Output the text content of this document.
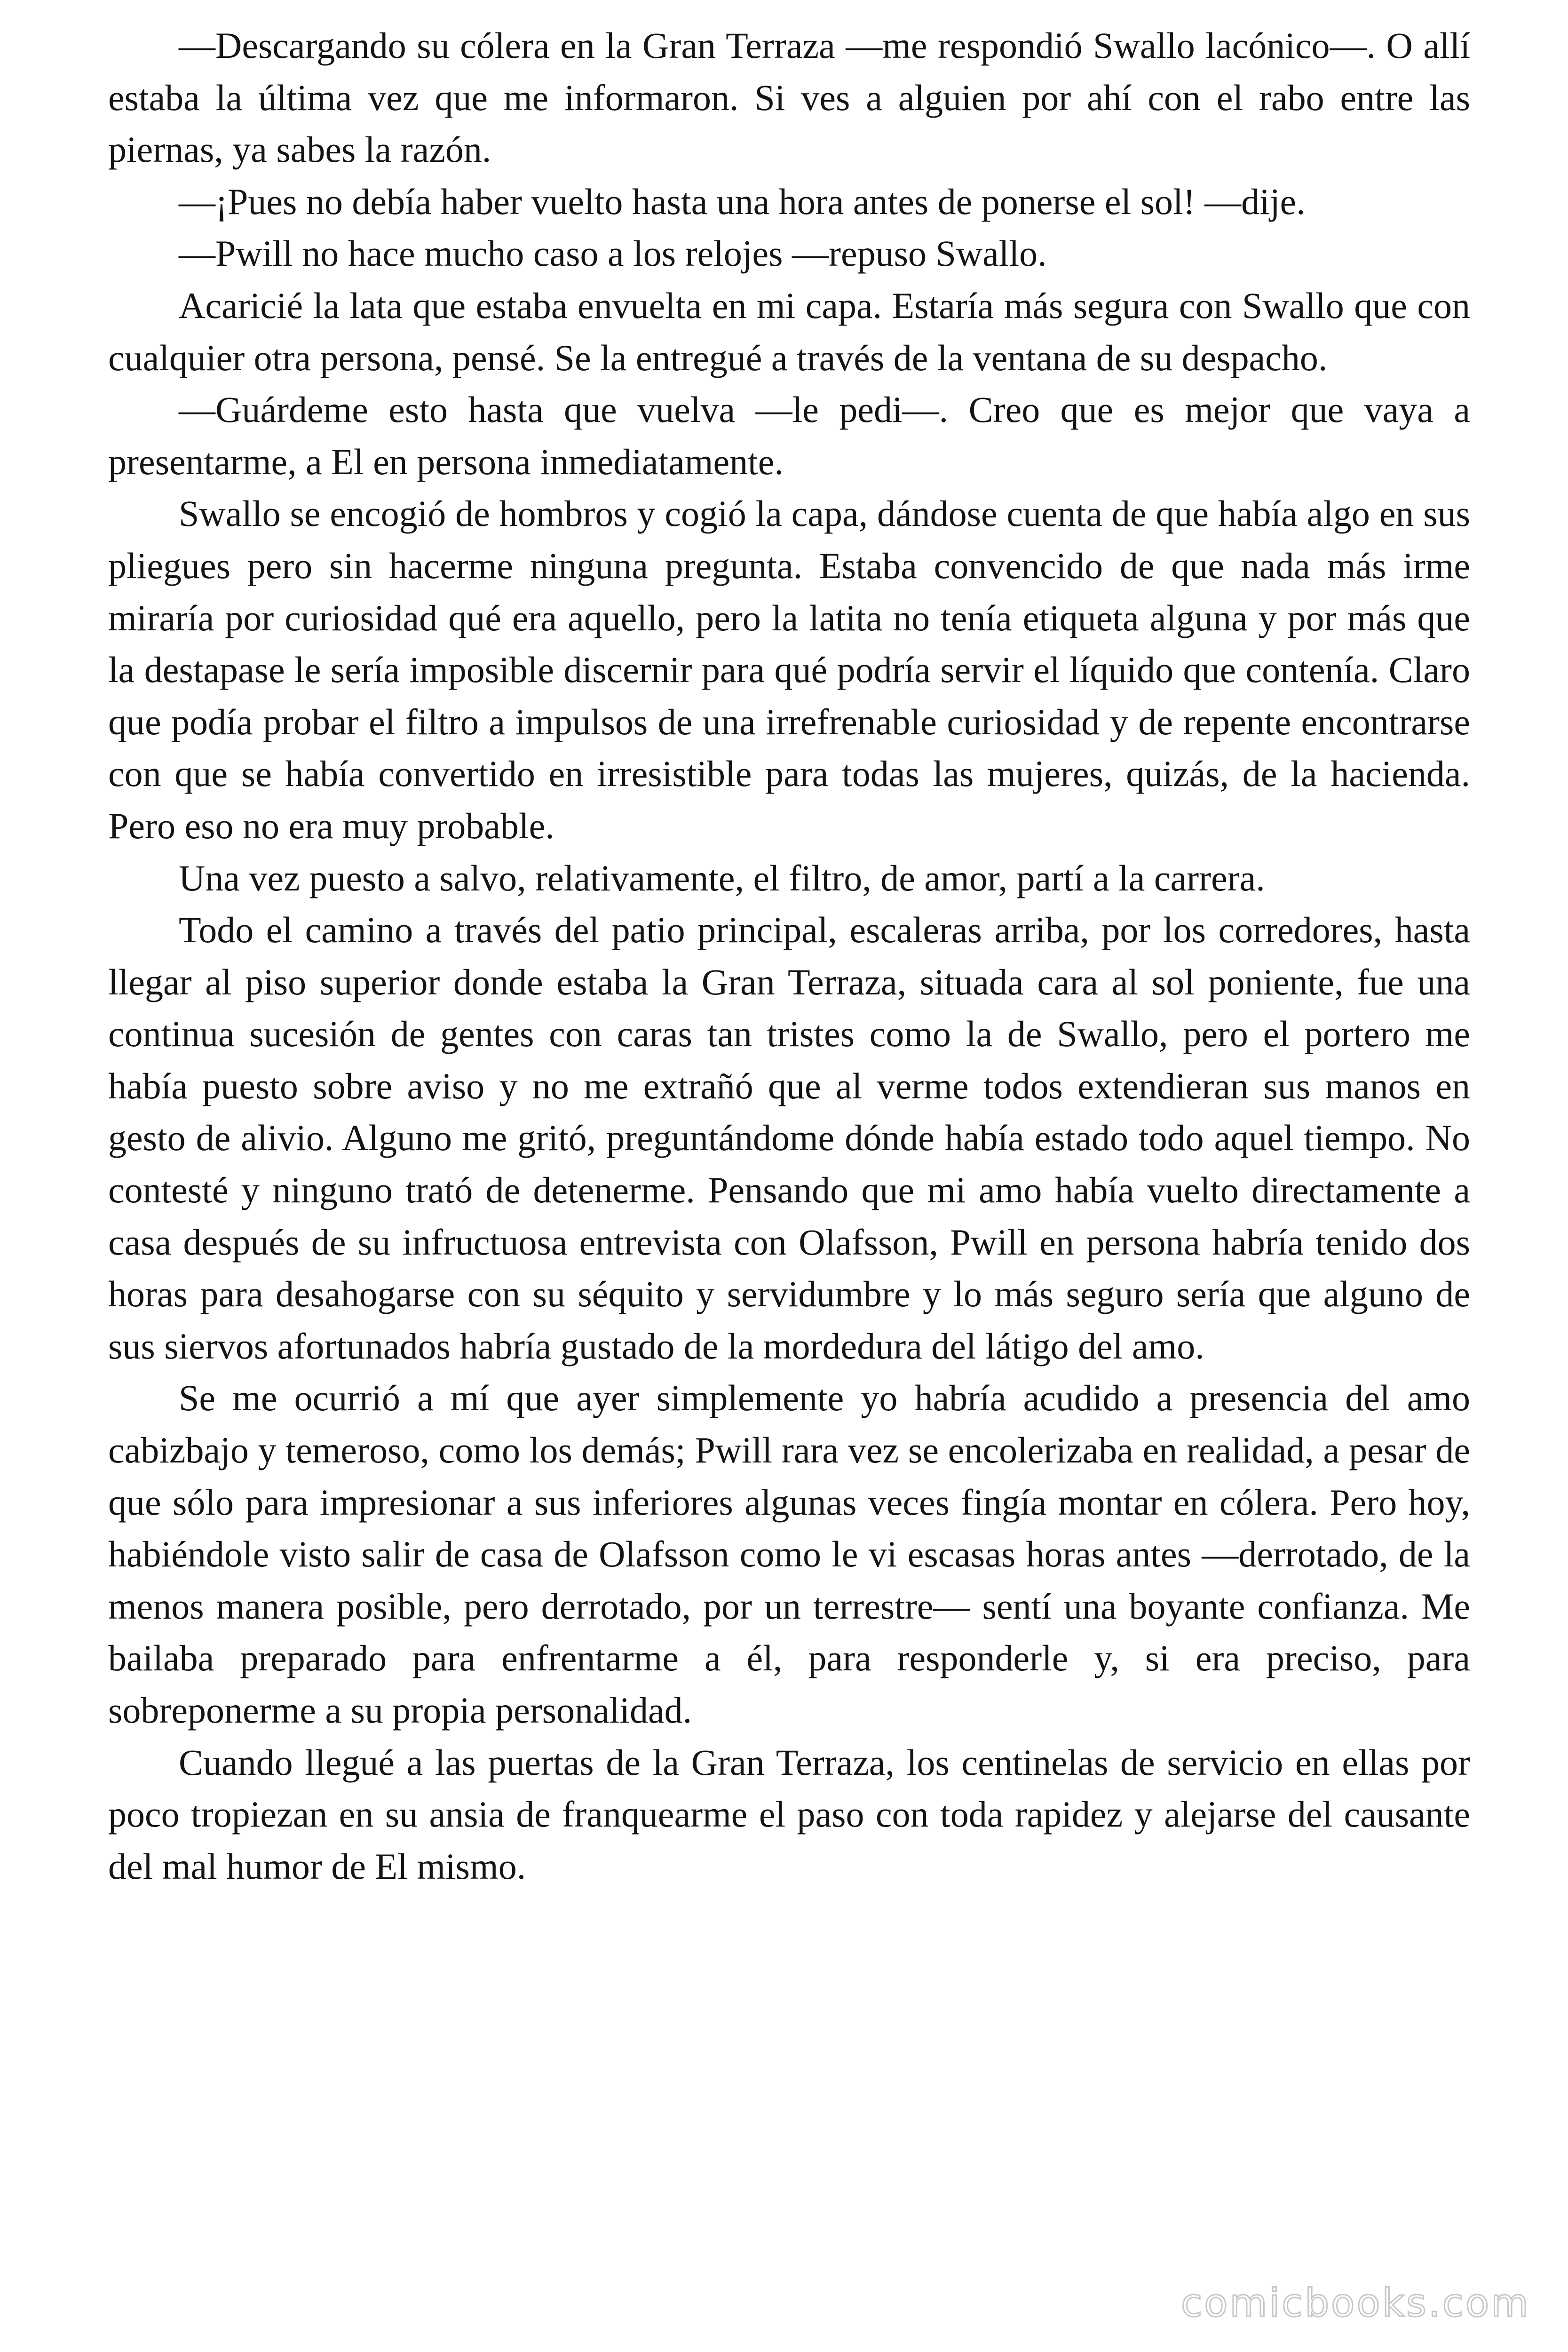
—Descargando su cólera en la Gran Terraza —me respondió Swallo lacónico—. O allí estaba la última vez que me informaron. Si ves a alguien por ahí con el rabo entre las piernas, ya sabes la razón.

—¡Pues no debía haber vuelto hasta una hora antes de ponerse el sol! —dije.

—Pwill no hace mucho caso a los relojes —repuso Swallo.

Acaricié la lata que estaba envuelta en mi capa. Estaría más segura con Swallo que con cualquier otra persona, pensé. Se la entregué a través de la ventana de su despacho.

—Guárdeme esto hasta que vuelva —le pedi—. Creo que es mejor que vaya a presentarme, a El en persona inmediatamente.

Swallo se encogió de hombros y cogió la capa, dándose cuenta de que había algo en sus pliegues pero sin hacerme ninguna pregunta. Estaba convencido de que nada más irme miraría por curiosidad qué era aquello, pero la latita no tenía etiqueta alguna y por más que la destapase le sería imposible discernir para qué podría servir el líquido que contenía. Claro que podía probar el filtro a impulsos de una irrefrenable curiosidad y de repente encontrarse con que se había convertido en irresistible para todas las mujeres, quizás, de la hacienda. Pero eso no era muy probable.

Una vez puesto a salvo, relativamente, el filtro, de amor, partí a la carrera.

Todo el camino a través del patio principal, escaleras arriba, por los corredores, hasta llegar al piso superior donde estaba la Gran Terraza, situada cara al sol poniente, fue una continua sucesión de gentes con caras tan tristes como la de Swallo, pero el portero me había puesto sobre aviso y no me extrañó que al verme todos extendieran sus manos en gesto de alivio. Alguno me gritó, preguntándome dónde había estado todo aquel tiempo. No contesté y ninguno trató de detenerme. Pensando que mi amo había vuelto directamente a casa después de su infructuosa entrevista con Olafsson, Pwill en persona habría tenido dos horas para desahogarse con su séquito y servidumbre y lo más seguro sería que alguno de sus siervos afortunados habría gustado de la mordedura del látigo del amo.

Se me ocurrió a mí que ayer simplemente yo habría acudido a presencia del amo cabizbajo y temeroso, como los demás; Pwill rara vez se encolerizaba en realidad, a pesar de que sólo para impresionar a sus inferiores algunas veces fingía montar en cólera. Pero hoy, habiéndole visto salir de casa de Olafsson como le vi escasas horas antes —derrotado, de la menos manera posible, pero derrotado, por un terrestre— sentí una boyante confianza. Me bailaba preparado para enfrentarme a él, para responderle y, si era preciso, para sobreponerme a su propia personalidad.

Cuando llegué a las puertas de la Gran Terraza, los centinelas de servicio en ellas por poco tropiezan en su ansia de franquearme el paso con toda rapidez y alejarse del causante del mal humor de El mismo.

comicbooks.com
